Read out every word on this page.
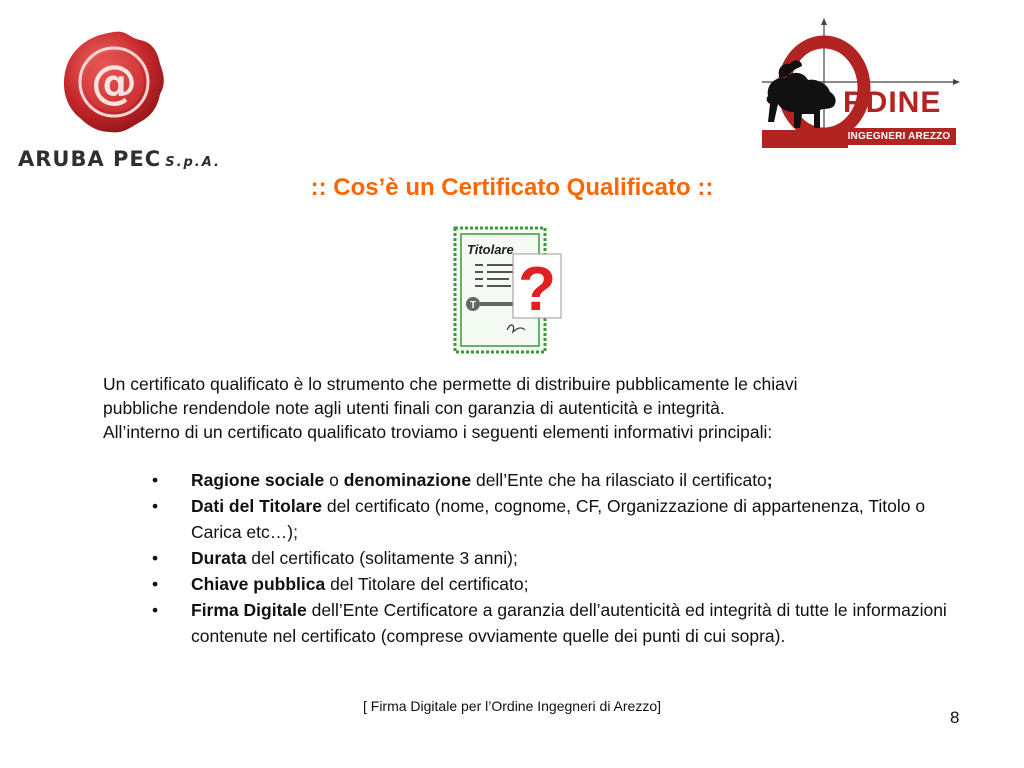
@
ARUBA PEC S.p.A.
RDINE
INGEGNERI AREZZO
:: Cos’è un Certificato Qualificato ::
T ?
Titolare
Un certificato qualificato è lo strumento che permette di distribuire pubblicamente le chiavi
pubbliche rendendole note agli utenti finali con garanzia di autenticità e integrità.
All’interno di un certificato qualificato troviamo i seguenti elementi informativi principali:
• Ragione sociale o denominazione dell’Ente che ha rilasciato il certificato;
• Dati del Titolare del certificato (nome, cognome, CF, Organizzazione di appartenenza, Titolo o Carica etc…);
• Durata del certificato (solitamente 3 anni);
• Chiave pubblica del Titolare del certificato;
• Firma Digitale dell’Ente Certificatore a garanzia dell’autenticità ed integrità di tutte le informazioni contenute nel certificato (comprese ovviamente quelle dei punti di cui sopra).
[ Firma Digitale per l’Ordine Ingegneri di Arezzo]
8
